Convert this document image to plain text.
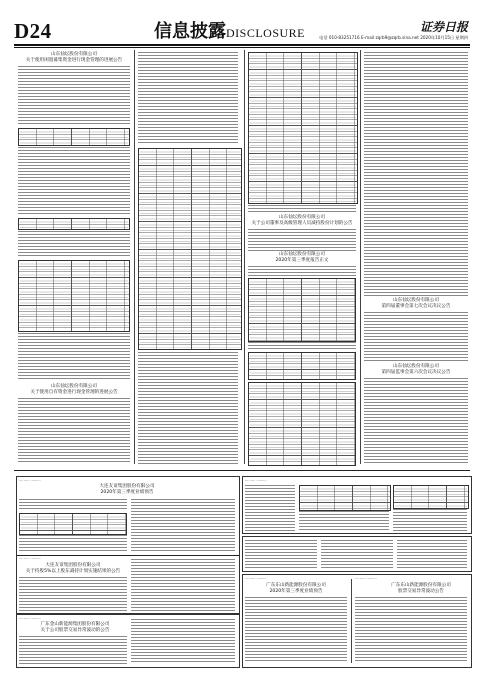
D24	信息披露DISCLOSURE	证券日报
电话 010-83251716 E-mail zqrb9@zqrb.sina.net 2020年10月15日 星期四
山东仙坛股份有限公司
关于使用闲置募集资金进行现金管理的进展公告
山东仙坛股份有限公司
关于使用自有资金进行现金管理的进展公告
山东仙坛股份有限公司
关于公司董事及高级管理人员减持股份计划的公告
山东仙坛股份有限公司
2020年第三季度报告正文
山东仙坛股份有限公司
第四届董事会第七次会议决议公告
山东仙坛股份有限公司
第四届监事会第六次会议决议公告
········· ·········
大连友谊集团股份有限公司
2020年第三季度业绩预告
········· ·········
大连友谊集团股份有限公司
关于持股5%以上股东减持计划实施结果的公告
········· ·········
广东金山新能源集团股份有限公司
关于公司股票交易异常波动的公告
········· ·········
········· ·········
广东东山新能源股份有限公司
2020年第三季度业绩预告
········· ·········
广东东山新能源股份有限公司
股票交易异常波动公告
